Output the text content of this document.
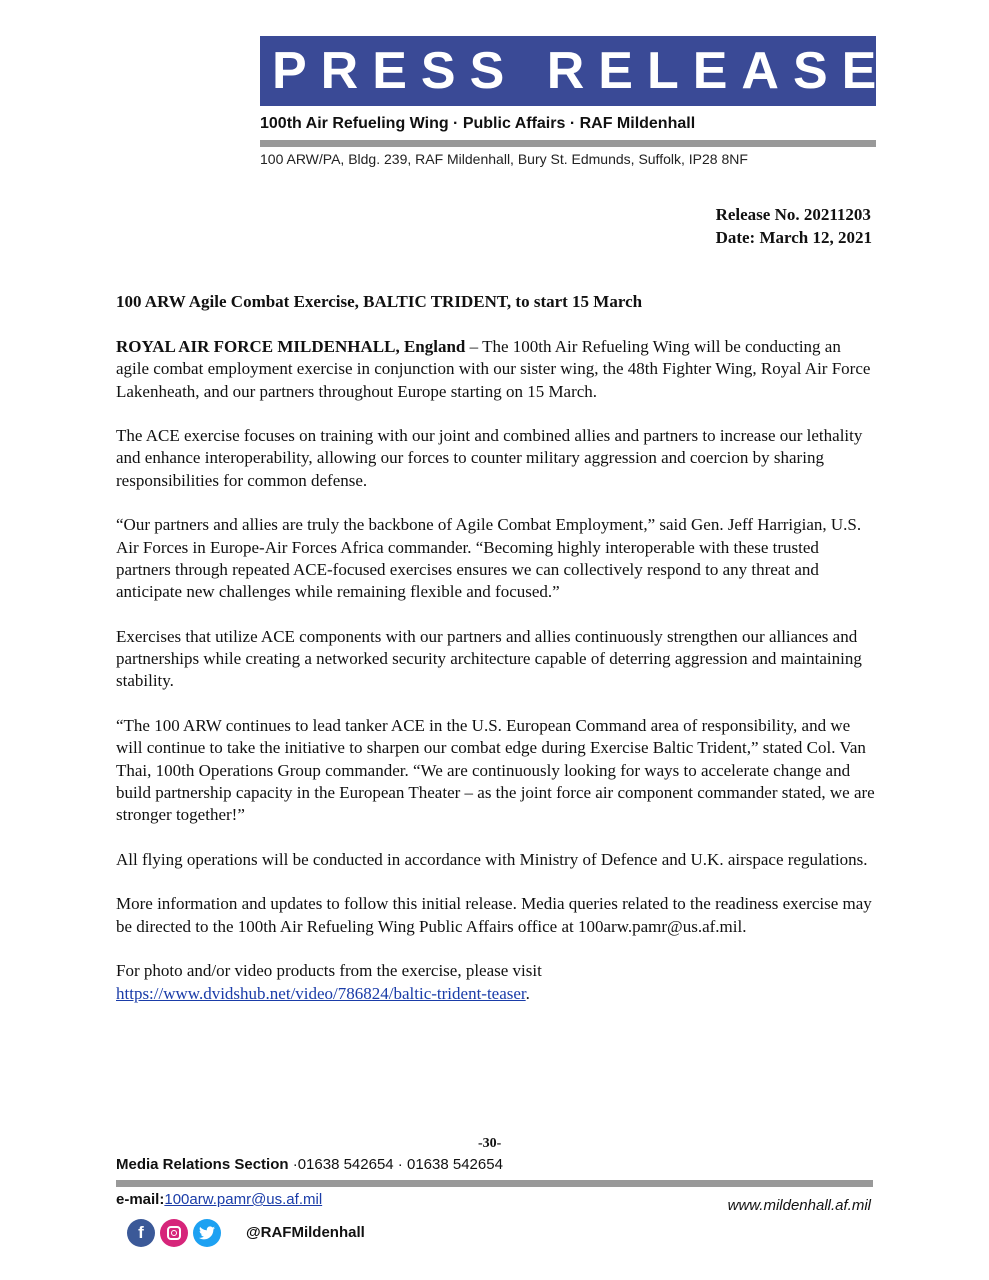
PRESS RELEASE
100th Air Refueling Wing · Public Affairs · RAF Mildenhall
100 ARW/PA, Bldg. 239, RAF Mildenhall, Bury St. Edmunds, Suffolk, IP28 8NF
Release No. 20211203
Date: March 12, 2021
100 ARW Agile Combat Exercise, BALTIC TRIDENT, to start 15 March

ROYAL AIR FORCE MILDENHALL, England – The 100th Air Refueling Wing will be conducting an agile combat employment exercise in conjunction with our sister wing, the 48th Fighter Wing, Royal Air Force Lakenheath, and our partners throughout Europe starting on 15 March.

The ACE exercise focuses on training with our joint and combined allies and partners to increase our lethality and enhance interoperability, allowing our forces to counter military aggression and coercion by sharing responsibilities for common defense.

“Our partners and allies are truly the backbone of Agile Combat Employment,” said Gen. Jeff Harrigian, U.S. Air Forces in Europe-Air Forces Africa commander. “Becoming highly interoperable with these trusted partners through repeated ACE-focused exercises ensures we can collectively respond to any threat and anticipate new challenges while remaining flexible and focused.”

Exercises that utilize ACE components with our partners and allies continuously strengthen our alliances and partnerships while creating a networked security architecture capable of deterring aggression and maintaining stability.

“The 100 ARW continues to lead tanker ACE in the U.S. European Command area of responsibility, and we will continue to take the initiative to sharpen our combat edge during Exercise Baltic Trident,” stated Col. Van Thai, 100th Operations Group commander. “We are continuously looking for ways to accelerate change and build partnership capacity in the European Theater – as the joint force air component commander stated, we are stronger together!”

All flying operations will be conducted in accordance with Ministry of Defence and U.K. airspace regulations.

More information and updates to follow this initial release. Media queries related to the readiness exercise may be directed to the 100th Air Refueling Wing Public Affairs office at 100arw.pamr@us.af.mil.

For photo and/or video products from the exercise, please visit
https://www.dvidshub.net/video/786824/baltic-trident-teaser.

-30-
Media Relations Section ·01638 542654 · 01638 542654
e-mail:100arw.pamr@us.af.mil	www.mildenhall.af.mil
f	@RAFMildenhall
